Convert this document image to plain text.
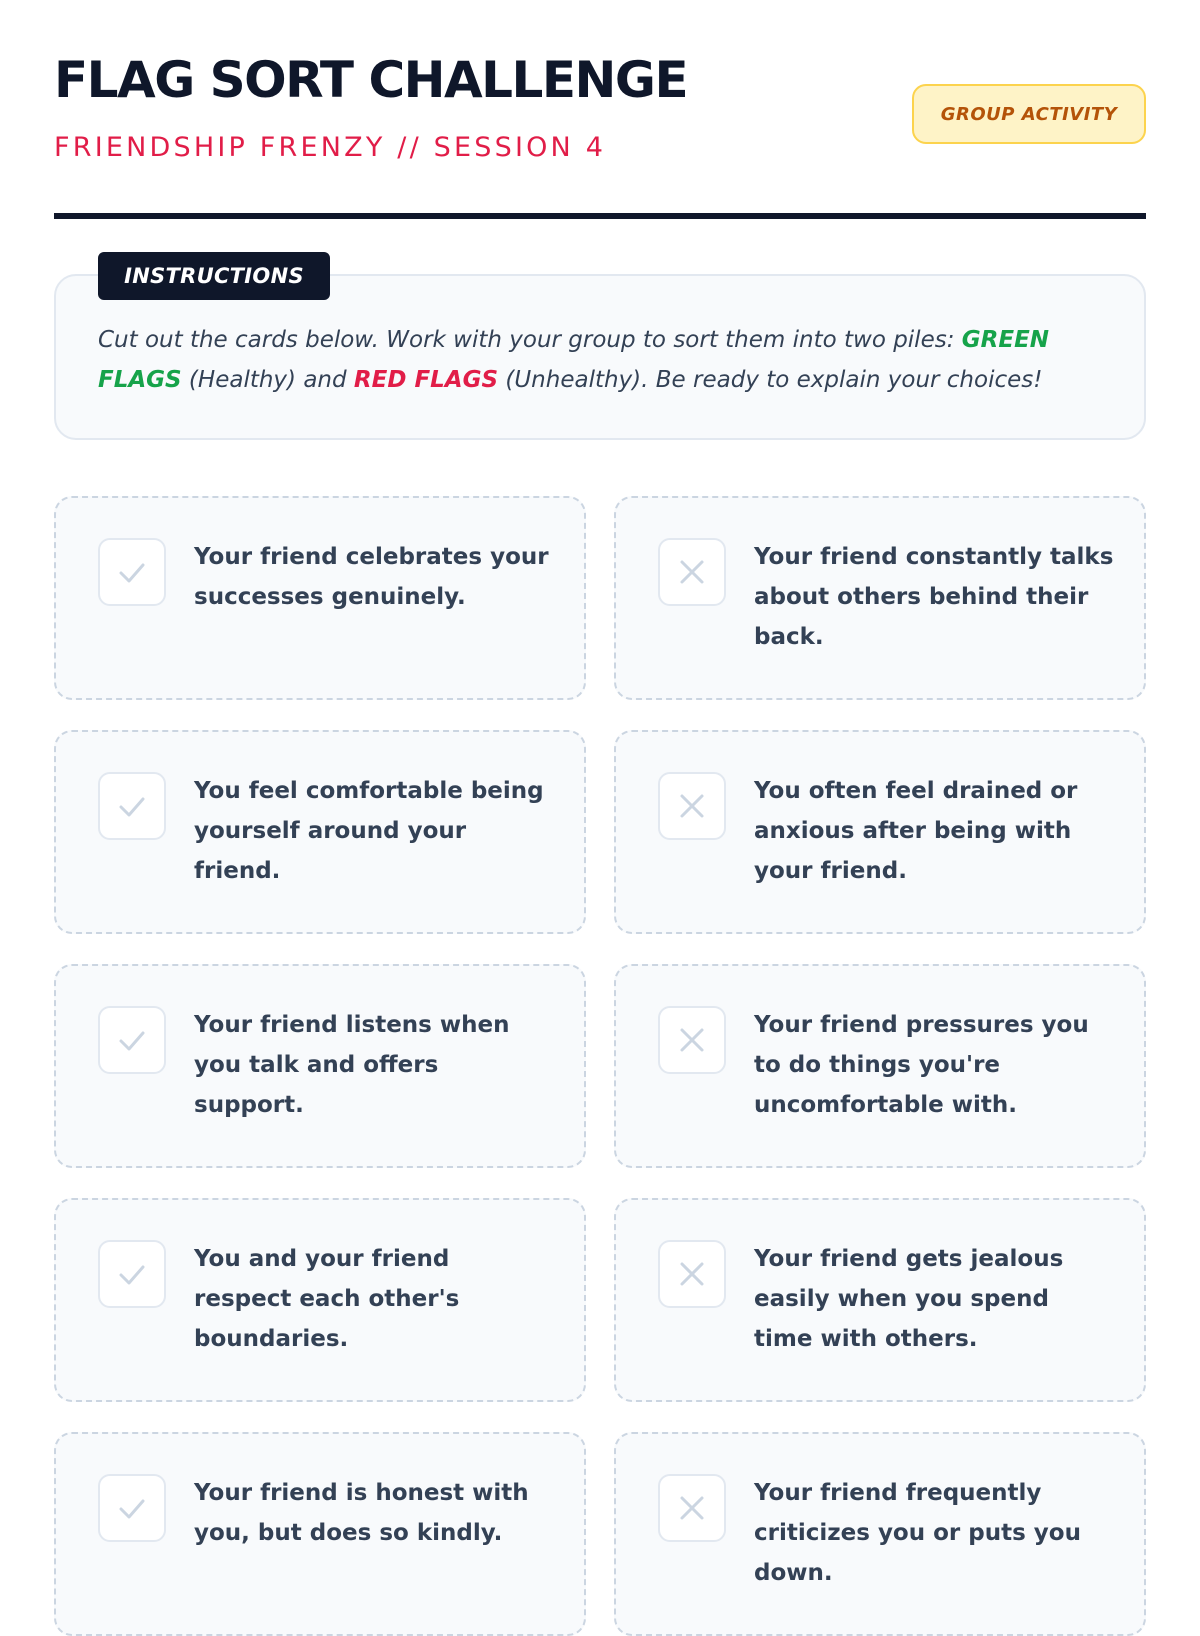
FLAG SORT CHALLENGE
FRIENDSHIP FRENZY // SESSION 4
GROUP ACTIVITY
INSTRUCTIONS

Cut out the cards below. Work with your group to sort them into two piles: GREEN FLAGS (Healthy) and RED FLAGS (Unhealthy). Be ready to explain your choices!

Your friend celebrates your successes genuinely.
Your friend constantly talks about others behind their back.
You feel comfortable being yourself around your friend.
You often feel drained or anxious after being with your friend.
Your friend listens when you talk and offers support.
Your friend pressures you to do things you're uncomfortable with.
You and your friend respect each other's boundaries.
Your friend gets jealous easily when you spend time with others.
Your friend is honest with you, but does so kindly.
Your friend frequently criticizes you or puts you down.
